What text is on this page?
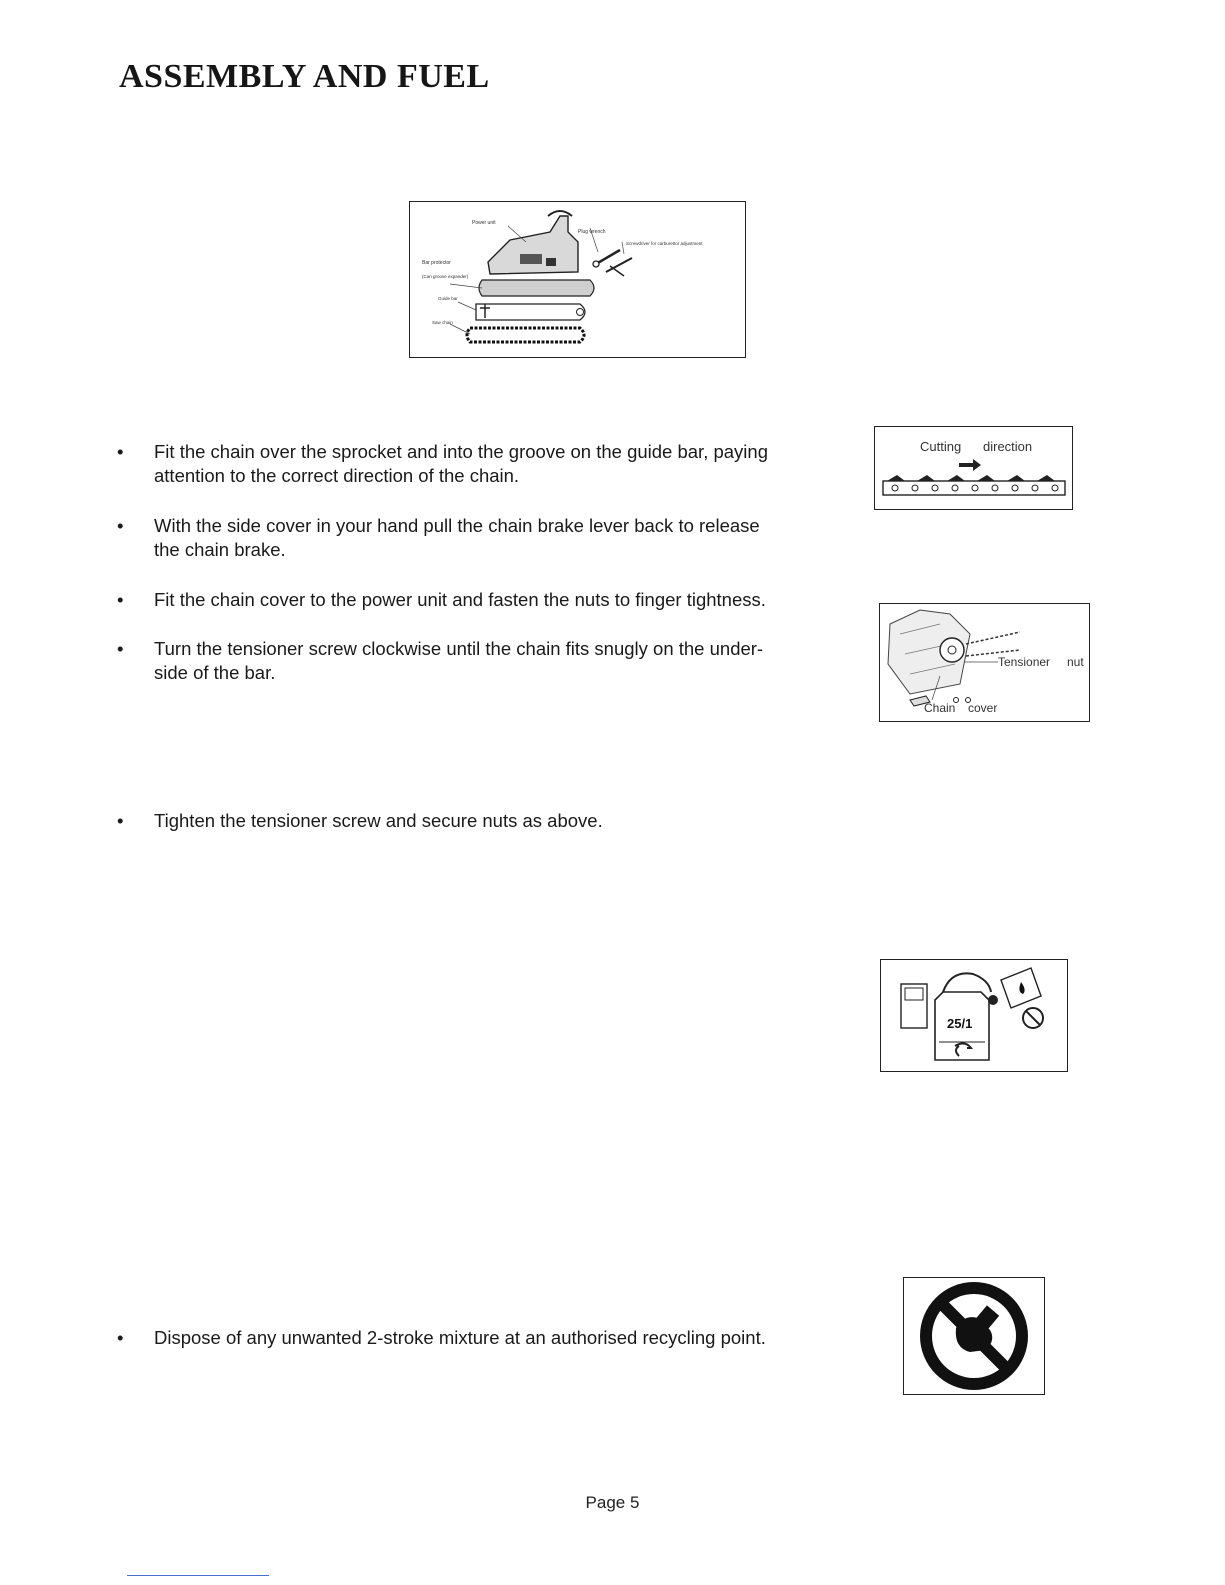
ASSEMBLY AND FUEL
Power unit
Plug wrench
Screwdriver for carburettor adjustment
Bar protector
(Can groove expander)
Guide bar
Saw chain
Cutting direction
Tensioner nut
Chain cover
25/1
• Fit the chain over the sprocket and into the groove on the guide bar, paying
attention to the correct direction of the chain.
• With the side cover in your hand pull the chain brake lever back to release
the chain brake.
• Fit the chain cover to the power unit and fasten the nuts to finger tightness.
• Turn the tensioner screw clockwise until the chain fits snugly on the under-
side of the bar.
• Tighten the tensioner screw and secure nuts as above.
• Dispose of any unwanted 2-stroke mixture at an authorised recycling point.
Page 5
